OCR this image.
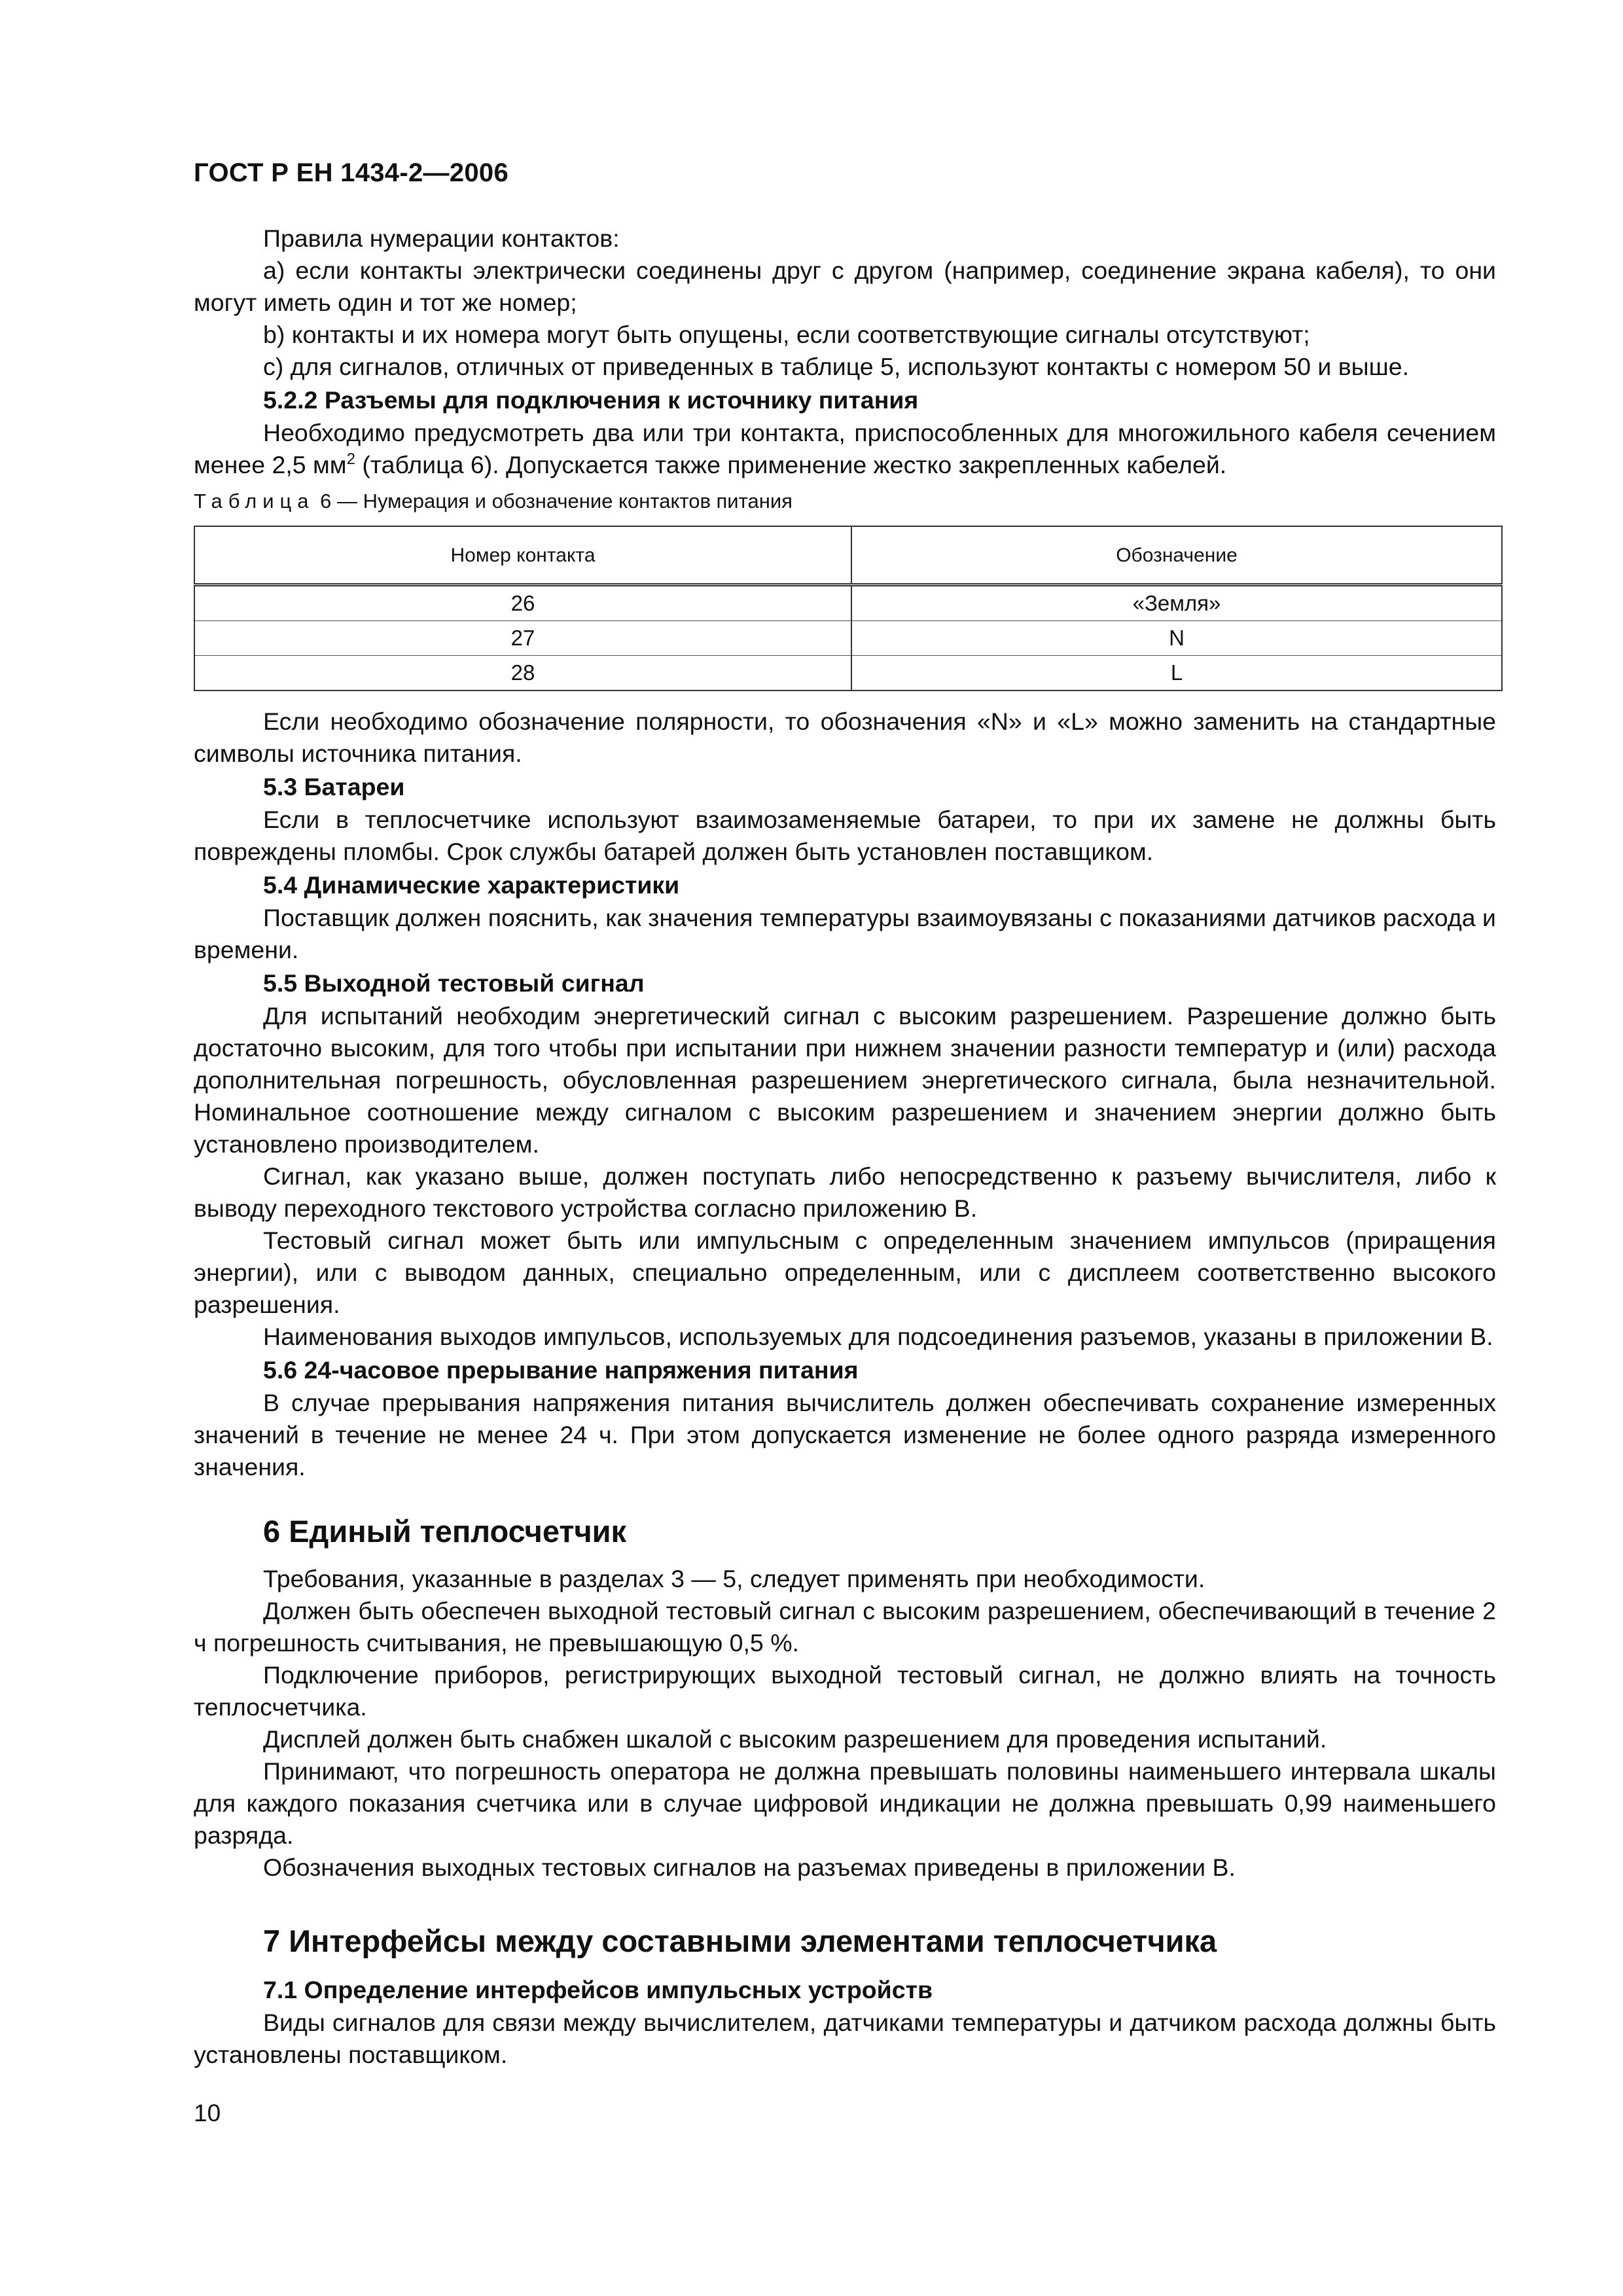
ГОСТ Р ЕН 1434-2—2006

Правила нумерации контактов:

а) если контакты электрически соединены друг с другом (например, соединение экрана кабеля), то они могут иметь один и тот же номер;

b) контакты и их номера могут быть опущены, если соответствующие сигналы отсутствуют;

с) для сигналов, отличных от приведенных в таблице 5, используют контакты с номером 50 и выше.

5.2.2 Разъемы для подключения к источнику питания

Необходимо предусмотреть два или три контакта, приспособленных для многожильного кабеля сечением менее 2,5 $мм^2$ (таблица 6). Допускается также применение жестко закрепленных кабелей.

Таблица 6 — Нумерация и обозначение контактов питания
Номер контакта	Обозначение
26	«Земля»
27	N
28	L

Если необходимо обозначение полярности, то обозначения «N» и «L» можно заменить на стандартные символы источника питания.

5.3 Батареи

Если в теплосчетчике используют взаимозаменяемые батареи, то при их замене не должны быть повреждены пломбы. Срок службы батарей должен быть установлен поставщиком.

5.4 Динамические характеристики

Поставщик должен пояснить, как значения температуры взаимоувязаны с показаниями датчиков расхода и времени.

5.5 Выходной тестовый сигнал

Для испытаний необходим энергетический сигнал с высоким разрешением. Разрешение должно быть достаточно высоким, для того чтобы при испытании при нижнем значении разности температур и (или) расхода дополнительная погрешность, обусловленная разрешением энергетического сигнала, была незначительной. Номинальное соотношение между сигналом с высоким разрешением и значением энергии должно быть установлено производителем.

Сигнал, как указано выше, должен поступать либо непосредственно к разъему вычислителя, либо к выводу переходного текстового устройства согласно приложению В.

Тестовый сигнал может быть или импульсным с определенным значением импульсов (приращения энергии), или с выводом данных, специально определенным, или с дисплеем соответственно высокого разрешения.

Наименования выходов импульсов, используемых для подсоединения разъемов, указаны в приложении В.

5.6 24-часовое прерывание напряжения питания

В случае прерывания напряжения питания вычислитель должен обеспечивать сохранение измеренных значений в течение не менее 24 ч. При этом допускается изменение не более одного разряда измеренного значения.

6 Единый теплосчетчик

Требования, указанные в разделах 3 — 5, следует применять при необходимости.

Должен быть обеспечен выходной тестовый сигнал с высоким разрешением, обеспечивающий в течение 2 ч погрешность считывания, не превышающую 0,5 %.

Подключение приборов, регистрирующих выходной тестовый сигнал, не должно влиять на точность теплосчетчика.

Дисплей должен быть снабжен шкалой с высоким разрешением для проведения испытаний.

Принимают, что погрешность оператора не должна превышать половины наименьшего интервала шкалы для каждого показания счетчика или в случае цифровой индикации не должна превышать 0,99 наименьшего разряда.

Обозначения выходных тестовых сигналов на разъемах приведены в приложении В.

7 Интерфейсы между составными элементами теплосчетчика
7.1 Определение интерфейсов импульсных устройств

Виды сигналов для связи между вычислителем, датчиками температуры и датчиком расхода должны быть установлены поставщиком.

10
